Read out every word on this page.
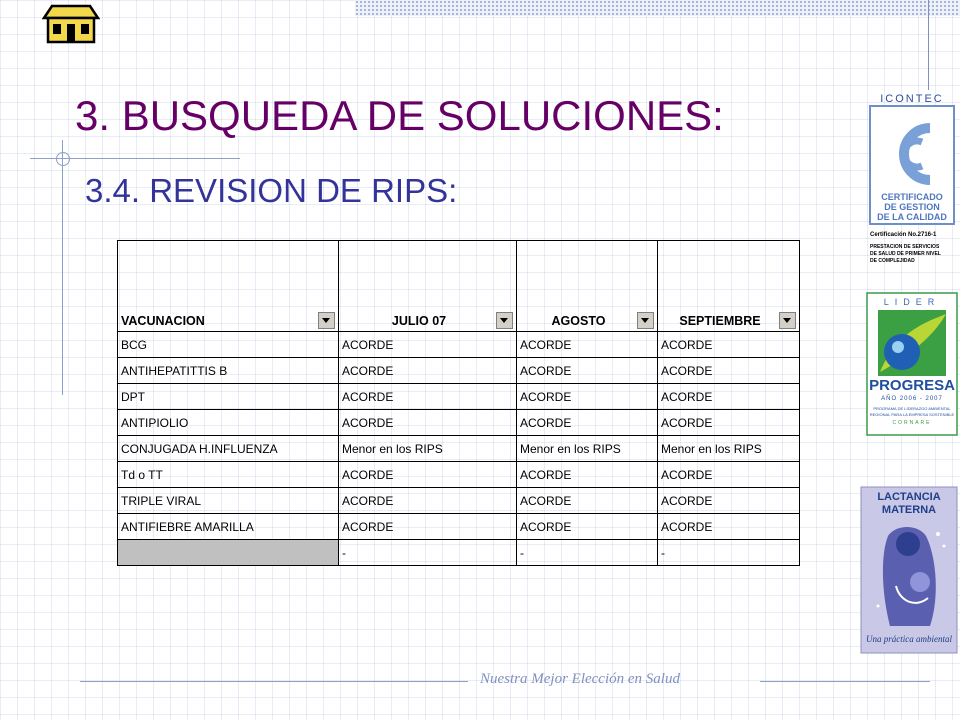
3. BUSQUEDA DE SOLUCIONES:
3.4. REVISION DE RIPS:
VACUNACION	JULIO 07	AGOSTO	SEPTIEMBRE

BCG	ACORDE	ACORDE	ACORDE
ANTIHEPATITTIS B	ACORDE	ACORDE	ACORDE
DPT	ACORDE	ACORDE	ACORDE
ANTIPIOLIO	ACORDE	ACORDE	ACORDE
CONJUGADA H.INFLUENZA	Menor en los RIPS	Menor en los RIPS	Menor en los RIPS
Td o TT	ACORDE	ACORDE	ACORDE
TRIPLE VIRAL	ACORDE	ACORDE	ACORDE
ANTIFIEBRE AMARILLA	ACORDE	ACORDE	ACORDE
	-	-	-
ICONTEC
CERTIFICADO
DE GESTION
DE LA CALIDAD
Certificación No.2716-1
PRESTACION DE SERVICIOS
DE SALUD DE PRIMER NIVEL
DE COMPLEJIDAD
LIDER
PROGRESA
AÑO 2006 - 2007
PROGRAMA DE LIDERAZGO AMBIENTAL
REGIONAL PARA LA EMPRESA SOSTENIBLE
CORNARE
LACTANCIA
MATERNA
Una práctica ambiental
Nuestra Mejor Elección en Salud
